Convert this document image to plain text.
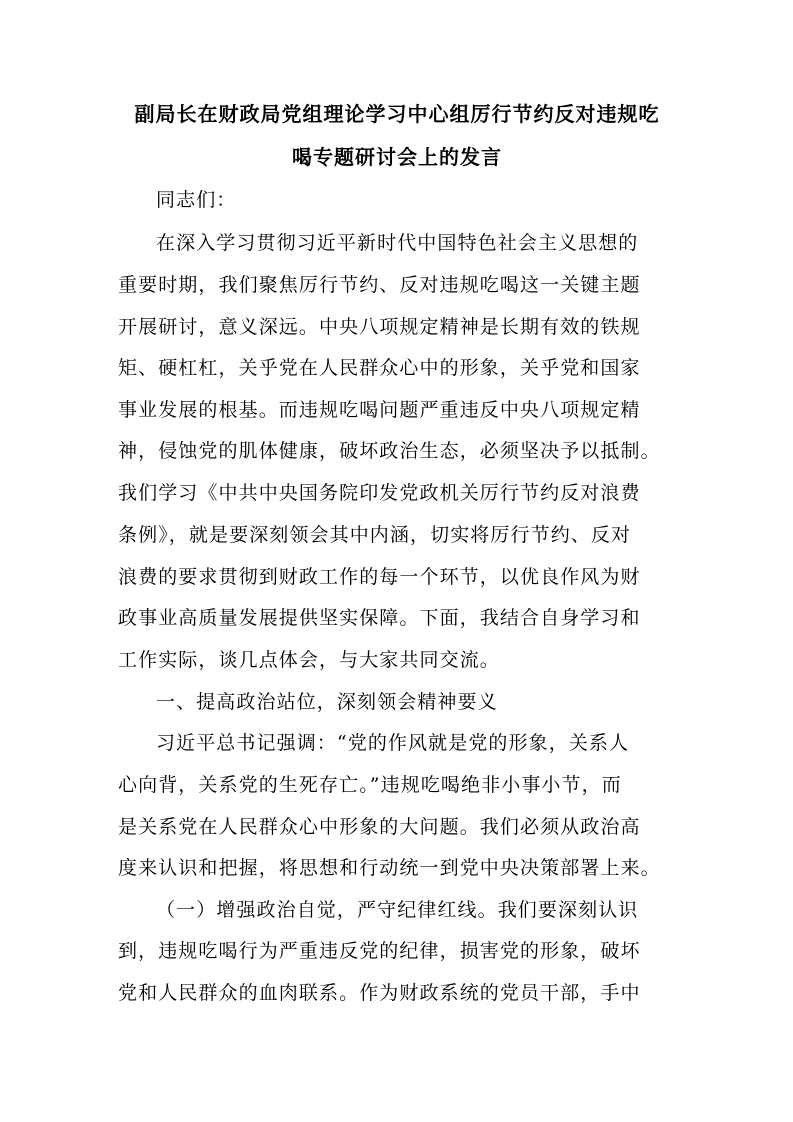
副局长在财政局党组理论学习中心组厉行节约反对违规吃
喝专题研讨会上的发言
同志们：
在深入学习贯彻习近平新时代中国特色社会主义思想的
重要时期，我们聚焦厉行节约、反对违规吃喝这一关键主题
开展研讨，意义深远。中央八项规定精神是长期有效的铁规
矩、硬杠杠，关乎党在人民群众心中的形象，关乎党和国家
事业发展的根基。而违规吃喝问题严重违反中央八项规定精
神，侵蚀党的肌体健康，破坏政治生态，必须坚决予以抵制。
我们学习《中共中央国务院印发党政机关厉行节约反对浪费
条例》，就是要深刻领会其中内涵，切实将厉行节约、反对
浪费的要求贯彻到财政工作的每一个环节，以优良作风为财
政事业高质量发展提供坚实保障。下面，我结合自身学习和
工作实际，谈几点体会，与大家共同交流。
一、提高政治站位，深刻领会精神要义
习近平总书记强调：“党的作风就是党的形象，关系人
心向背，关系党的生死存亡。”违规吃喝绝非小事小节，而
是关系党在人民群众心中形象的大问题。我们必须从政治高
度来认识和把握，将思想和行动统一到党中央决策部署上来。
（一）增强政治自觉，严守纪律红线。我们要深刻认识
到，违规吃喝行为严重违反党的纪律，损害党的形象，破坏
党和人民群众的血肉联系。作为财政系统的党员干部，手中
